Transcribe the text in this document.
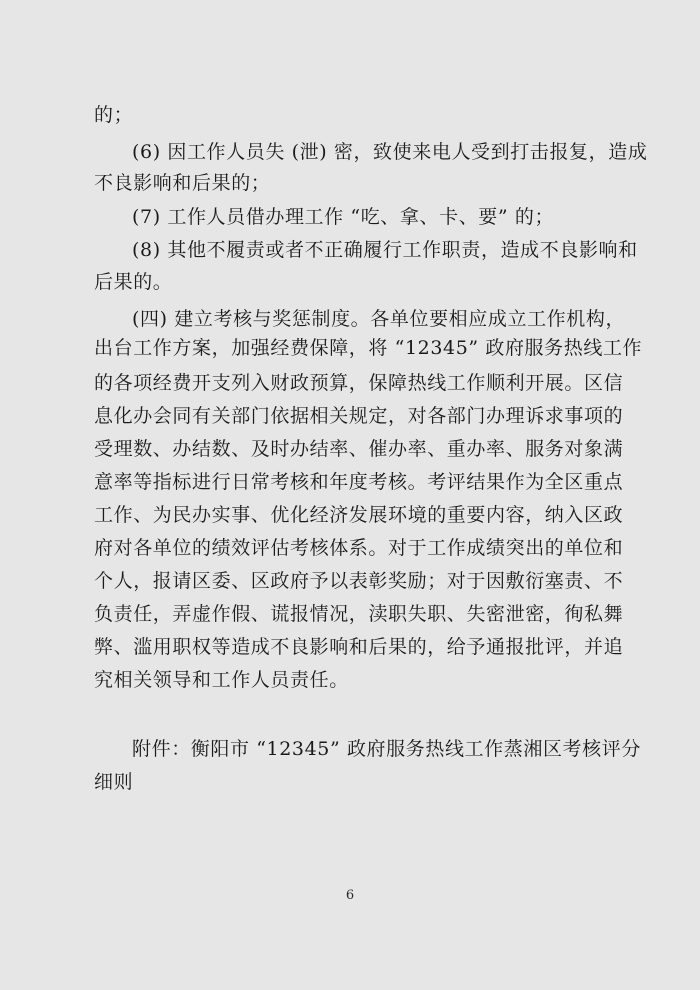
的；
(6) 因工作人员失 (泄) 密，致使来电人受到打击报复，造成
不良影响和后果的；
(7) 工作人员借办理工作 “吃、拿、卡、要” 的；
(8) 其他不履责或者不正确履行工作职责，造成不良影响和
后果的。
(四) 建立考核与奖惩制度。各单位要相应成立工作机构，
出台工作方案，加强经费保障，将 “12345” 政府服务热线工作
的各项经费开支列入财政预算，保障热线工作顺利开展。区信
息化办会同有关部门依据相关规定，对各部门办理诉求事项的
受理数、办结数、及时办结率、催办率、重办率、服务对象满
意率等指标进行日常考核和年度考核。考评结果作为全区重点
工作、为民办实事、优化经济发展环境的重要内容，纳入区政
府对各单位的绩效评估考核体系。对于工作成绩突出的单位和
个人，报请区委、区政府予以表彰奖励；对于因敷衍塞责、不
负责任，弄虚作假、谎报情况，渎职失职、失密泄密，徇私舞
弊、滥用职权等造成不良影响和后果的，给予通报批评，并追
究相关领导和工作人员责任。
附件：衡阳市 “12345” 政府服务热线工作蒸湘区考核评分
细则
6
